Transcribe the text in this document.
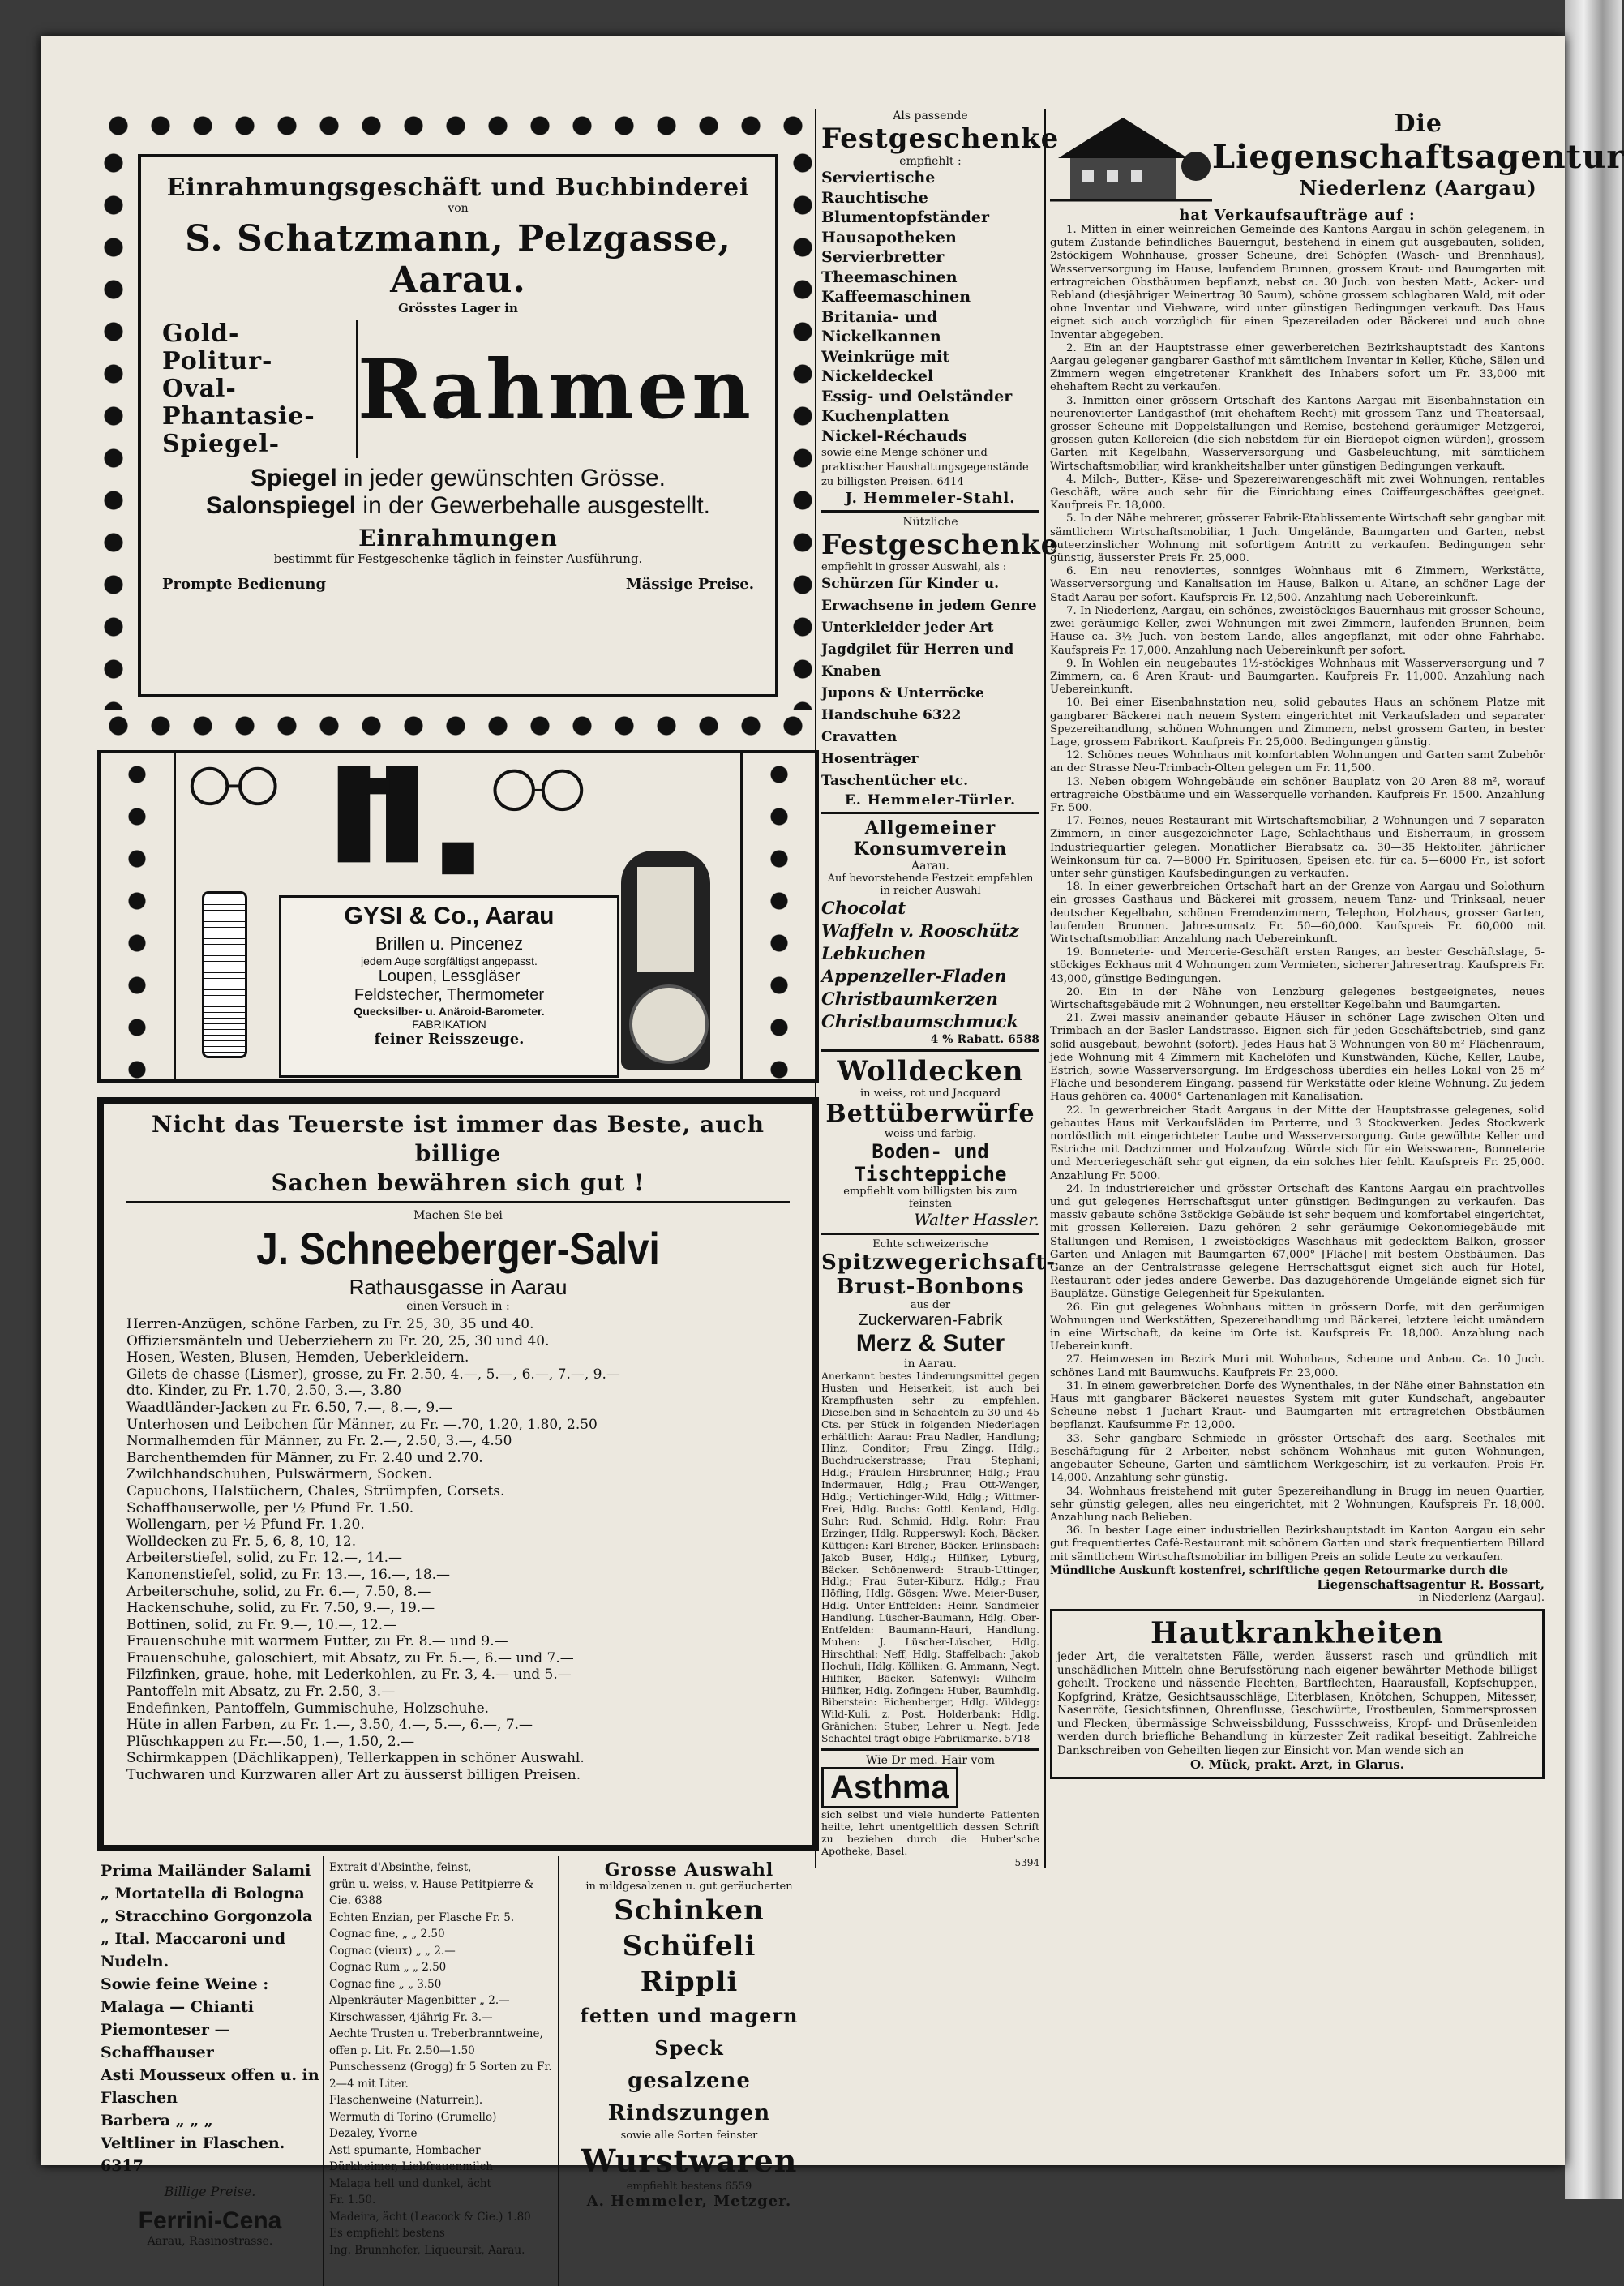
Einrahmungsgeschäft und Buchbinderei
von
S. Schatzmann, Pelzgasse, Aarau.
Grösstes Lager in
Gold-
Politur-
Oval-
Phantasie-
Spiegel-
Rahmen
Spiegel in jeder gewünschten Grösse.
Salonspiegel in der Gewerbehalle ausgestellt.
Einrahmungen
bestimmt für Festgeschenke täglich in feinster Ausführung.
Prompte Bedienung	Mässige Preise.
GYSI & Co., Aarau
Brillen u. Pincenez
jedem Auge sorgfältigst angepasst.
Loupen, Lessgläser
Feldstecher, Thermometer
Quecksilber- u. Anäroid-Barometer.
FABRIKATION
feiner Reisszeuge.
Nicht das Teuerste ist immer das Beste, auch billige
Sachen bewähren sich gut !
Machen Sie bei
J. Schneeberger-Salvi
Rathausgasse in Aarau
einen Versuch in :
Herren-Anzügen, schöne Farben, zu Fr. 25, 30, 35 und 40.
Offiziersmänteln und Ueberziehern zu Fr. 20, 25, 30 und 40.
Hosen, Westen, Blusen, Hemden, Ueberkleidern.
Gilets de chasse (Lismer), grosse, zu Fr. 2.50, 4.—, 5.—, 6.—, 7.—, 9.—
dto. Kinder, zu Fr. 1.70, 2.50, 3.—, 3.80
Waadtländer-Jacken zu Fr. 6.50, 7.—, 8.—, 9.—
Unterhosen und Leibchen für Männer, zu Fr. —.70, 1.20, 1.80, 2.50
Normalhemden für Männer, zu Fr. 2.—, 2.50, 3.—, 4.50
Barchenthemden für Männer, zu Fr. 2.40 und 2.70.
Zwilchhandschuhen, Pulswärmern, Socken.
Capuchons, Halstüchern, Chales, Strümpfen, Corsets.
Schaffhauserwolle, per ½ Pfund Fr. 1.50.
Wollengarn, per ½ Pfund Fr. 1.20.
Wolldecken zu Fr. 5, 6, 8, 10, 12.
Arbeiterstiefel, solid, zu Fr. 12.—, 14.—
Kanonenstiefel, solid, zu Fr. 13.—, 16.—, 18.—
Arbeiterschuhe, solid, zu Fr. 6.—, 7.50, 8.—
Hackenschuhe, solid, zu Fr. 7.50, 9.—, 19.—
Bottinen, solid, zu Fr. 9.—, 10.—, 12.—
Frauenschuhe mit warmem Futter, zu Fr. 8.— und 9.—
Frauenschuhe, galoschiert, mit Absatz, zu Fr. 5.—, 6.— und 7.—
Filzfinken, graue, hohe, mit Lederkohlen, zu Fr. 3, 4.— und 5.—
Pantoffeln mit Absatz, zu Fr. 2.50, 3.—
Endefinken, Pantoffeln, Gummischuhe, Holzschuhe.
Hüte in allen Farben, zu Fr. 1.—, 3.50, 4.—, 5.—, 6.—, 7.—
Plüschkappen zu Fr.—.50, 1.—, 1.50, 2.—
Schirmkappen (Dächlikappen), Tellerkappen in schöner Auswahl.
Tuchwaren und Kurzwaren aller Art zu äusserst billigen Preisen.
Prima Mailänder Salami
„ Mortatella di Bologna
„ Stracchino Gorgonzola
„ Ital. Maccaroni und
Nudeln.
Sowie feine Weine :
Malaga — Chianti
Piemonteser — Schaffhauser
Asti Mousseux offen u. in Flaschen
Barbera „ „ „
Veltliner in Flaschen. 6317
Billige Preise.
Ferrini-Cena
Aarau, Rasinostrasse.
Extrait d'Absinthe, feinst,
grün u. weiss, v. Hause Petitpierre & Cie. 6388
Echten Enzian, per Flasche Fr. 5.
Cognac fine, „ „ 2.50
Cognac (vieux) „ „ 2.—
Cognac Rum „ „ 2.50
Cognac fine „ „ 3.50
Alpenkräuter-Magenbitter „ 2.—
Kirschwasser, 4jährig Fr. 3.—
Aechte Trusten u. Treberbranntweine, offen p. Lit. Fr. 2.50—1.50
Punschessenz (Grogg) fr 5 Sorten zu Fr. 2—4 mit Liter.
Flaschenweine (Naturrein).
Wermuth di Torino (Grumello)
Dezaley, Yvorne
Asti spumante, Hombacher
Dürkheimer, Liebfrauenmilch
Malaga hell und dunkel, ächt
Fr. 1.50.
Madeira, ächt (Leacock & Cie.) 1.80
Es empfiehlt bestens
Ing. Brunnhofer, Liqueursit, Aarau.
Grosse Auswahl
in mildgesalzenen u. gut geräucherten
Schinken
Schüfeli
Rippli
fetten und magern Speck
gesalzene Rindszungen
sowie alle Sorten feinster
Wurstwaren
empfiehlt bestens 6559
A. Hemmeler, Metzger.
Als passende
Festgeschenke
empfiehlt :
Serviertische
Rauchtische
Blumentopfständer
Hausapotheken
Servierbretter
Theemaschinen
Kaffeemaschinen
Britania- und Nickelkannen
Weinkrüge mit Nickeldeckel
Essig- und Oelständer
Kuchenplatten
Nickel-Réchauds
sowie eine Menge schöner und praktischer Haushaltungsgegenstände zu billigsten Preisen. 6414
J. Hemmeler-Stahl.
Nützliche
Festgeschenke
empfiehlt in grosser Auswahl, als :
Schürzen für Kinder u. Erwachsene in jedem Genre
Unterkleider jeder Art
Jagdgilet für Herren und Knaben
Jupons & Unterröcke
Handschuhe 6322
Cravatten
Hosenträger
Taschentücher etc.
E. Hemmeler-Türler.
Allgemeiner Konsumverein
Aarau.
Auf bevorstehende Festzeit empfehlen in reicher Auswahl
Chocolat
Waffeln v. Rooschütz
Lebkuchen
Appenzeller-Fladen
Christbaumkerzen
Christbaumschmuck
4 % Rabatt. 6588
Wolldecken
in weiss, rot und Jacquard
Bettüberwürfe
weiss und farbig.
Boden- und
Tischteppiche
empfiehlt vom billigsten bis zum feinsten
Walter Hassler.
Echte schweizerische
Spitzwegerichsaft-
Brust-Bonbons
aus der
Zuckerwaren-Fabrik
Merz & Suter
in Aarau.
Anerkannt bestes Linderungsmittel gegen Husten und Heiserkeit, ist auch bei Krampfhusten sehr zu empfehlen. Dieselben sind in Schachteln zu 30 und 45 Cts. per Stück in folgenden Niederlagen erhältlich: Aarau: Frau Nadler, Handlung; Hinz, Conditor; Frau Zingg, Hdlg.; Buchdruckerstrasse; Frau Stephani; Hdlg.; Fräulein Hirsbrunner, Hdlg.; Frau Indermauer, Hdlg.; Frau Ott-Wenger, Hdlg.; Vertichinger-Wild, Hdlg.; Wittmer-Frei, Hdlg. Buchs: Gottl. Kenland, Hdlg. Suhr: Rud. Schmid, Hdlg. Rohr: Frau Erzinger, Hdlg. Rupperswyl: Koch, Bäcker. Küttigen: Karl Bircher, Bäcker. Erlinsbach: Jakob Buser, Hdlg.; Hilfiker, Lyburg, Bäcker. Schönenwerd: Straub-Uttinger, Hdlg.; Frau Suter-Kiburz, Hdlg.; Frau Höfling, Hdlg. Gösgen: Wwe. Meier-Buser, Hdlg. Unter-Entfelden: Heinr. Sandmeier Handlung. Lüscher-Baumann, Hdlg. Ober-Entfelden: Baumann-Hauri, Handlung. Muhen: J. Lüscher-Lüscher, Hdlg. Hirschthal: Neff, Hdlg. Staffelbach: Jakob Hochuli, Hdlg. Kölliken: G. Ammann, Negt. Hilfiker, Bäcker. Safenwyl: Wilhelm-Hilfiker, Hdlg. Zofingen: Huber, Baumhdlg. Biberstein: Eichenberger, Hdlg. Wildegg: Wild-Kuli, z. Post. Holderbank: Hdlg. Gränichen: Stuber, Lehrer u. Negt. Jede Schachtel trägt obige Fabrikmarke. 5718
Wie Dr med. Hair vom
Asthma
sich selbst und viele hunderte Patienten heilte, lehrt unentgeltlich dessen Schrift zu beziehen durch die Huber'sche Apotheke, Basel.
5394
Die
Liegenschaftsagentur
Niederlenz (Aargau)
hat Verkaufsaufträge auf :
1. Mitten in einer weinreichen Gemeinde des Kantons Aargau in schön gelegenem, in gutem Zustande befindliches Bauerngut, bestehend in einem gut ausgebauten, soliden, 2stöckigem Wohnhause, grosser Scheune, drei Schöpfen (Wasch- und Brennhaus), Wasserversorgung im Hause, laufendem Brunnen, grossem Kraut- und Baumgarten mit ertragreichen Obstbäumen bepflanzt, nebst ca. 30 Juch. von besten Matt-, Acker- und Rebland (diesjähriger Weinertrag 30 Saum), schöne grossem schlagbaren Wald, mit oder ohne Inventar und Viehware, wird unter günstigen Bedingungen verkauft. Das Haus eignet sich auch vorzüglich für einen Spezereiladen oder Bäckerei und auch ohne Inventar abgegeben.
2. Ein an der Hauptstrasse einer gewerbereichen Bezirkshauptstadt des Kantons Aargau gelegener gangbarer Gasthof mit sämtlichem Inventar in Keller, Küche, Sälen und Zimmern wegen eingetretener Krankheit des Inhabers sofort um Fr. 33,000 mit ehehaftem Recht zu verkaufen.
3. Inmitten einer grössern Ortschaft des Kantons Aargau mit Eisenbahnstation ein neurenovierter Landgasthof (mit ehehaftem Recht) mit grossem Tanz- und Theatersaal, grosser Scheune mit Doppelstallungen und Remise, bestehend geräumiger Metzgerei, grossen guten Kellereien (die sich nebstdem für ein Bierdepot eignen würden), grossem Garten mit Kegelbahn, Wasserversorgung und Gasbeleuchtung, mit sämtlichem Wirtschaftsmobiliar, wird krankheitshalber unter günstigen Bedingungen verkauft.
4. Milch-, Butter-, Käse- und Spezereiwarengeschäft mit zwei Wohnungen, rentables Geschäft, wäre auch sehr für die Einrichtung eines Coiffeurgeschäftes geeignet. Kaufpreis Fr. 18,000.
5. In der Nähe mehrerer, grösserer Fabrik-Etablissemente Wirtschaft sehr gangbar mit sämtlichem Wirtschaftsmobiliar, 1 Juch. Umgelände, Baumgarten und Garten, nebst guteerzinslicher Wohnung mit sofortigem Antritt zu verkaufen. Bedingungen sehr günstig, äusserster Preis Fr. 25,000.
6. Ein neu renoviertes, sonniges Wohnhaus mit 6 Zimmern, Werkstätte, Wasserversorgung und Kanalisation im Hause, Balkon u. Altane, an schöner Lage der Stadt Aarau per sofort. Kaufspreis Fr. 12,500. Anzahlung nach Uebereinkunft.
7. In Niederlenz, Aargau, ein schönes, zweistöckiges Bauernhaus mit grosser Scheune, zwei geräumige Keller, zwei Wohnungen mit zwei Zimmern, laufenden Brunnen, beim Hause ca. 3½ Juch. von bestem Lande, alles angepflanzt, mit oder ohne Fahrhabe. Kaufspreis Fr. 17,000. Anzahlung nach Uebereinkunft per sofort.
9. In Wohlen ein neugebautes 1½-stöckiges Wohnhaus mit Wasserversorgung und 7 Zimmern, ca. 6 Aren Kraut- und Baumgarten. Kaufpreis Fr. 11,000. Anzahlung nach Uebereinkunft.
10. Bei einer Eisenbahnstation neu, solid gebautes Haus an schönem Platze mit gangbarer Bäckerei nach neuem System eingerichtet mit Verkaufsladen und separater Spezereihandlung, schönen Wohnungen und Zimmern, nebst grossem Garten, in bester Lage, grossem Fabrikort. Kaufpreis Fr. 25,000. Bedingungen günstig.
12. Schönes neues Wohnhaus mit komfortablen Wohnungen und Garten samt Zubehör an der Strasse Neu-Trimbach-Olten gelegen um Fr. 11,500.
13. Neben obigem Wohngebäude ein schöner Bauplatz von 20 Aren 88 m², worauf ertragreiche Obstbäume und ein Wasserquelle vorhanden. Kaufpreis Fr. 1500. Anzahlung Fr. 500.
17. Feines, neues Restaurant mit Wirtschaftsmobiliar, 2 Wohnungen und 7 separaten Zimmern, in einer ausgezeichneter Lage, Schlachthaus und Eisherraum, in grossem Industriequartier gelegen. Monatlicher Bierabsatz ca. 30—35 Hektoliter, jährlicher Weinkonsum für ca. 7—8000 Fr. Spirituosen, Speisen etc. für ca. 5—6000 Fr., ist sofort unter sehr günstigen Kaufsbedingungen zu verkaufen.
18. In einer gewerbreichen Ortschaft hart an der Grenze von Aargau und Solothurn ein grosses Gasthaus und Bäckerei mit grossem, neuem Tanz- und Trinksaal, neuer deutscher Kegelbahn, schönen Fremdenzimmern, Telephon, Holzhaus, grosser Garten, laufenden Brunnen. Jahresumsatz Fr. 50—60,000. Kaufspreis Fr. 60,000 mit Wirtschaftsmobiliar. Anzahlung nach Uebereinkunft.
19. Bonneterie- und Mercerie-Geschäft ersten Ranges, an bester Geschäftslage, 5-stöckiges Eckhaus mit 4 Wohnungen zum Vermieten, sicherer Jahresertrag. Kaufspreis Fr. 43,000, günstige Bedingungen.
20. Ein in der Nähe von Lenzburg gelegenes bestgeeignetes, neues Wirtschaftsgebäude mit 2 Wohnungen, neu erstellter Kegelbahn und Baumgarten.
21. Zwei massiv aneinander gebaute Häuser in schöner Lage zwischen Olten und Trimbach an der Basler Landstrasse. Eignen sich für jeden Geschäftsbetrieb, sind ganz solid ausgebaut, bewohnt (sofort). Jedes Haus hat 3 Wohnungen von 80 m² Flächenraum, jede Wohnung mit 4 Zimmern mit Kachelöfen und Kunstwänden, Küche, Keller, Laube, Estrich, sowie Wasserversorgung. Im Erdgeschoss überdies ein helles Lokal von 25 m² Fläche und besonderem Eingang, passend für Werkstätte oder kleine Wohnung. Zu jedem Haus gehören ca. 4000° Gartenanlagen mit Kanalisation.
22. In gewerbreicher Stadt Aargaus in der Mitte der Hauptstrasse gelegenes, solid gebautes Haus mit Verkaufsläden im Parterre, und 3 Stockwerken. Jedes Stockwerk nordöstlich mit eingerichteter Laube und Wasserversorgung. Gute gewölbte Keller und Estriche mit Dachzimmer und Holzaufzug. Würde sich für ein Weisswaren-, Bonneterie und Merceriegeschäft sehr gut eignen, da ein solches hier fehlt. Kaufspreis Fr. 25,000. Anzahlung Fr. 5000.
24. In industriereicher und grösster Ortschaft des Kantons Aargau ein prachtvolles und gut gelegenes Herrschaftsgut unter günstigen Bedingungen zu verkaufen. Das massiv gebaute schöne 3stöckige Gebäude ist sehr bequem und komfortabel eingerichtet, mit grossen Kellereien. Dazu gehören 2 sehr geräumige Oekonomiegebäude mit Stallungen und Remisen, 1 zweistöckiges Waschhaus mit gedecktem Balkon, grosser Garten und Anlagen mit Baumgarten 67,000° [Fläche] mit bestem Obstbäumen. Das Ganze an der Centralstrasse gelegene Herrschaftsgut eignet sich auch für Hotel, Restaurant oder jedes andere Gewerbe. Das dazugehörende Umgelände eignet sich für Bauplätze. Günstige Gelegenheit für Spekulanten.
26. Ein gut gelegenes Wohnhaus mitten in grössern Dorfe, mit den geräumigen Wohnungen und Werkstätten, Spezereihandlung und Bäckerei, letztere leicht umändern in eine Wirtschaft, da keine im Orte ist. Kaufspreis Fr. 18,000. Anzahlung nach Uebereinkunft.
27. Heimwesen im Bezirk Muri mit Wohnhaus, Scheune und Anbau. Ca. 10 Juch. schönes Land mit Baumwuchs. Kaufpreis Fr. 23,000.
31. In einem gewerbreichen Dorfe des Wynenthales, in der Nähe einer Bahnstation ein Haus mit gangbarer Bäckerei neuestes System mit guter Kundschaft, angebauter Scheune nebst 1 Juchart Kraut- und Baumgarten mit ertragreichen Obstbäumen bepflanzt. Kaufsumme Fr. 12,000.
33. Sehr gangbare Schmiede in grösster Ortschaft des aarg. Seethales mit Beschäftigung für 2 Arbeiter, nebst schönem Wohnhaus mit guten Wohnungen, angebauter Scheune, Garten und sämtlichem Werkgeschirr, ist zu verkaufen. Preis Fr. 14,000. Anzahlung sehr günstig.
34. Wohnhaus freistehend mit guter Spezereihandlung in Brugg im neuen Quartier, sehr günstig gelegen, alles neu eingerichtet, mit 2 Wohnungen, Kaufspreis Fr. 18,000. Anzahlung nach Belieben.
36. In bester Lage einer industriellen Bezirkshauptstadt im Kanton Aargau ein sehr gut frequentiertes Café-Restaurant mit schönem Garten und stark frequentiertem Billard mit sämtlichem Wirtschaftsmobiliar im billigen Preis an solide Leute zu verkaufen.
Mündliche Auskunft kostenfrei, schriftliche gegen Retourmarke durch die
Liegenschaftsagentur R. Bossart,
in Niederlenz (Aargau).
Hautkrankheiten
jeder Art, die veraltetsten Fälle, werden äusserst rasch und gründlich mit unschädlichen Mitteln ohne Berufsstörung nach eigener bewährter Methode billigst geheilt. Trockene und nässende Flechten, Bartflechten, Haarausfall, Kopfschuppen, Kopfgrind, Krätze, Gesichtsausschläge, Eiterblasen, Knötchen, Schuppen, Mitesser, Nasenröte, Gesichtsfinnen, Ohrenflusse, Geschwürte, Frostbeulen, Sommersprossen und Flecken, übermässige Schweissbildung, Fussschweiss, Kropf- und Drüsenleiden werden durch briefliche Behandlung in kürzester Zeit radikal beseitigt. Zahlreiche Dankschreiben von Geheilten liegen zur Einsicht vor. Man wende sich an
O. Mück, prakt. Arzt, in Glarus.
